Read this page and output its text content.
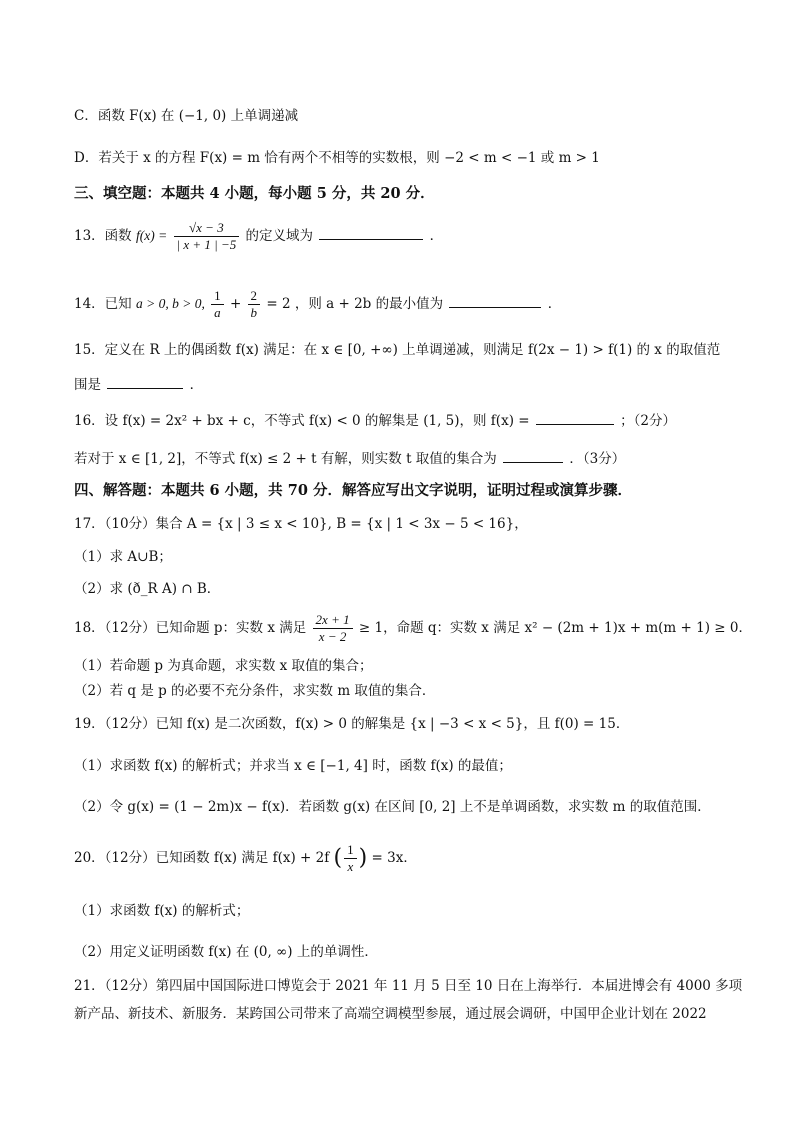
C．函数 F(x) 在 (−1, 0) 上单调递减
D．若关于 x 的方程 F(x) = m 恰有两个不相等的实数根，则 −2 < m < −1 或 m > 1
三、填空题：本题共 4 小题，每小题 5 分，共 20 分．
13．函数 $f(x) = \frac{√x - 3}{| x + 1 | -5}$ 的定义域为	．
14．已知 a > 0, b > 0, $\frac{1}{a} + \frac{2}{b} = 2$ ，则 a + 2b 的最小值为	．
15．定义在 R 上的偶函数 f(x) 满足：在 x ∈ [0, +∞) 上单调递减，则满足 f(2x − 1) > f(1) 的 x 的取值范
围是	．
16．设 f(x) = 2x² + bx + c，不等式 f(x) < 0 的解集是 (1, 5)，则 f(x) =	；（2分）
若对于 x ∈ [1, 2]，不等式 f(x) ≤ 2 + t 有解，则实数 t 取值的集合为	．（3分）
四、解答题：本题共 6 小题，共 70 分．解答应写出文字说明，证明过程或演算步骤．
17．（10分）集合 A = {x | 3 ≤ x < 10}, B = {x | 1 < 3x − 5 < 16}，
（1）求 A∪B；
（2）求 (ð_R A) ∩ B．
18．（12分）已知命题 p：实数 x 满足 $\frac{2x + 1}{x - 2} \ge 1$，命题 q：实数 x 满足 x² − (2m + 1)x + m(m + 1) ≥ 0．
（1）若命题 p 为真命题，求实数 x 取值的集合；
（2）若 q 是 p 的必要不充分条件，求实数 m 取值的集合．
19．（12分）已知 f(x) 是二次函数，f(x) > 0 的解集是 {x | −3 < x < 5}，且 f(0) = 15．
（1）求函数 f(x) 的解析式；并求当 x ∈ [−1, 4] 时，函数 f(x) 的最值；
（2）令 g(x) = (1 − 2m)x − f(x)．若函数 g(x) 在区间 [0, 2] 上不是单调函数，求实数 m 的取值范围．
20．（12分）已知函数 f(x) 满足 f(x) + 2f ( $\frac{1}{x}$ ) = 3x．
（1）求函数 f(x) 的解析式；
（2）用定义证明函数 f(x) 在 (0, ∞) 上的单调性．
21．（12分）第四届中国国际进口博览会于 2021 年 11 月 5 日至 10 日在上海举行．本届进博会有 4000 多项
新产品、新技术、新服务．某跨国公司带来了高端空调模型参展，通过展会调研，中国甲企业计划在 2022
